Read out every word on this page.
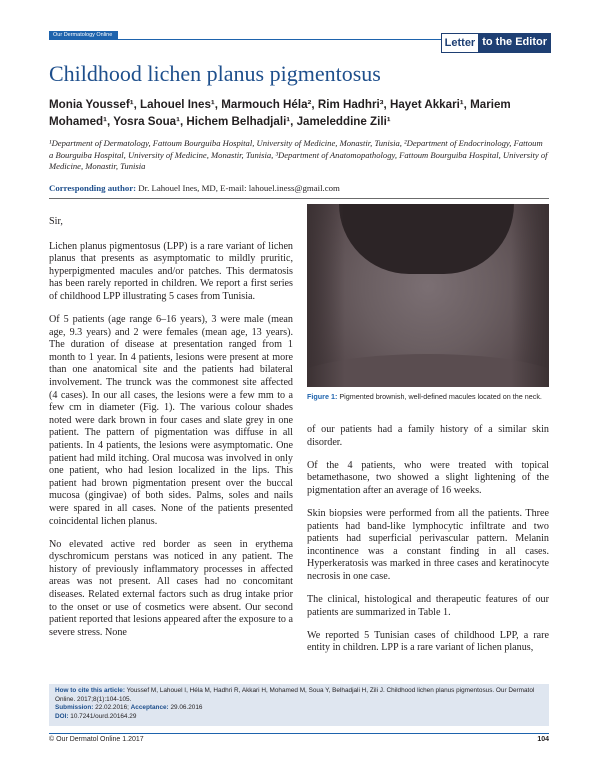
Our Dermatology Online
Letter to the Editor
Childhood lichen planus pigmentosus
Monia Youssef¹, Lahouel Ines¹, Marmouch Héla², Rim Hadhri³, Hayet Akkari¹, Mariem Mohamed¹, Yosra Soua¹, Hichem Belhadjali¹, Jameleddine Zili¹
¹Department of Dermatology, Fattoum Bourguiba Hospital, University of Medicine, Monastir, Tunisia, ²Department of Endocrinology, Fattoum a Bourguiba Hospital, University of Medicine, Monastir, Tunisia, ³Department of Anatomopathology, Fattoum Bourguiba Hospital, University of Medicine, Monastir, Tunisia
Corresponding author: Dr. Lahouel Ines, MD, E-mail: lahouel.iness@gmail.com

Sir,

Lichen planus pigmentosus (LPP) is a rare variant of lichen planus that presents as asymptomatic to mildly pruritic, hyperpigmented macules and/or patches. This dermatosis has been rarely reported in children. We report a first series of childhood LPP illustrating 5 cases from Tunisia.

Of 5 patients (age range 6–16 years), 3 were male (mean age, 9.3 years) and 2 were females (mean age, 13 years). The duration of disease at presentation ranged from 1 month to 1 year. In 4 patients, lesions were present at more than one anatomical site and the patients had bilateral involvement. The trunck was the commonest site affected (4 cases). In our all cases, the lesions were a few mm to a few cm in diameter (Fig. 1). The various colour shades noted were dark brown in four cases and slate grey in one patient. The pattern of pigmentation was diffuse in all patients. In 4 patients, the lesions were asymptomatic. One patient had mild itching. Oral mucosa was involved in only one patient, who had lesion localized in the lips. This patient had brown pigmentation present over the buccal mucosa (gingivae) of both sides. Palms, soles and nails were spared in all cases. None of the patients presented coincidental lichen planus.

No elevated active red border as seen in erythema dyschromicum perstans was noticed in any patient. The history of previously inflammatory processes in affected areas was not present. All cases had no concomitant diseases. Related external factors such as drug intake prior to the onset or use of cosmetics were absent. Our second patient reported that lesions appeared after the exposure to a severe stress. None

Figure 1: Pigmented brownish, well-defined macules located on the neck.

of our patients had a family history of a similar skin disorder.

Of the 4 patients, who were treated with topical betamethasone, two showed a slight lightening of the pigmentation after an average of 16 weeks.

Skin biopsies were performed from all the patients. Three patients had band-like lymphocytic infiltrate and two patients had superficial perivascular pattern. Melanin incontinence was a constant finding in all cases. Hyperkeratosis was marked in three cases and keratinocyte necrosis in one case.

The clinical, histological and therapeutic features of our patients are summarized in Table 1.

We reported 5 Tunisian cases of childhood LPP, a rare entity in children. LPP is a rare variant of lichen planus,

How to cite this article: Youssef M, Lahouel I, Héla M, Hadhri R, Akkari H, Mohamed M, Soua Y, Belhadjali H, Zili J. Childhood lichen planus pigmentosus. Our Dermatol Online. 2017;8(1):104-105.
Submission: 22.02.2016; Acceptance: 29.06.2016
DOI: 10.7241/ourd.20164.29
© Our Dermatol Online 1.2017	104
